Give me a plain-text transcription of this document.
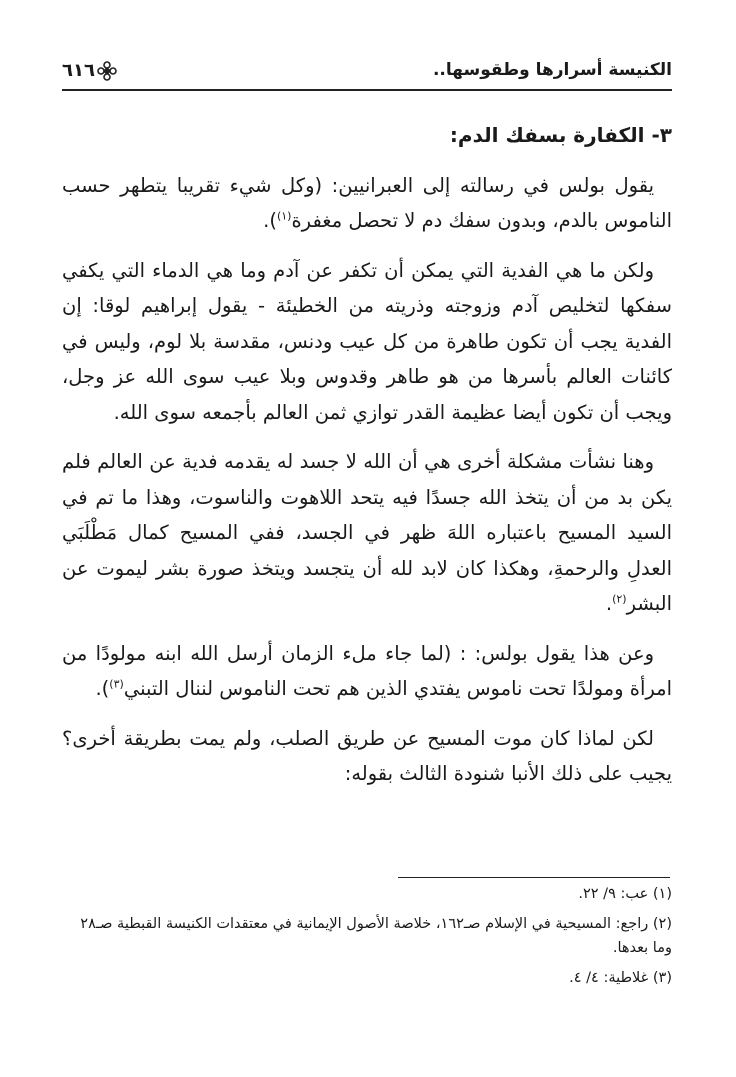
الكنيسة أسرارها وطقوسها..
٦١٦

٣- الكفارة بسفك الدم:

يقول بولس في رسالته إلى العبرانيين: (وكل شيء تقريبا يتطهر حسب الناموس بالدم، وبدون سفك دم لا تحصل مغفرة$^{(١)}$).

ولكن ما هي الفدية التي يمكن أن تكفر عن آدم وما هي الدماء التي يكفي سفكها لتخليص آدم وزوجته وذريته من الخطيئة - يقول إبراهيم لوقا: إن الفدية يجب أن تكون طاهرة من كل عيب ودنس، مقدسة بلا لوم، وليس في كائنات العالم بأسرها من هو طاهر وقدوس وبلا عيب سوى الله عز وجل، ويجب أن تكون أيضا عظيمة القدر توازي ثمن العالم بأجمعه سوى الله.

وهنا نشأت مشكلة أخرى هي أن الله لا جسد له يقدمه فدية عن العالم فلم يكن بد من أن يتخذ الله جسدًا فيه يتحد اللاهوت والناسوت، وهذا ما تم في السيد المسيح باعتباره اللهَ ظهر في الجسد، ففي المسيح كمال مَطْلَبَي العدلِ والرحمةِ، وهكذا كان لابد لله أن يتجسد ويتخذ صورة بشر ليموت عن البشر$^{(٢)}$.

وعن هذا يقول بولس: : (لما جاء ملء الزمان أرسل الله ابنه مولودًا من امرأة ومولدًا تحت ناموس يفتدي الذين هم تحت الناموس لننال التبني$^{(٣)}$).

لكن لماذا كان موت المسيح عن طريق الصلب، ولم يمت بطريقة أخرى؟ يجيب على ذلك الأنبا شنودة الثالث بقوله:

(١) عب: ٩/ ٢٢.
(٢) راجع: المسيحية في الإسلام صـ١٦٢، خلاصة الأصول الإيمانية في معتقدات الكنيسة القبطية صـ٢٨ وما بعدها.
(٣) غلاطية: ٤/ ٤.
